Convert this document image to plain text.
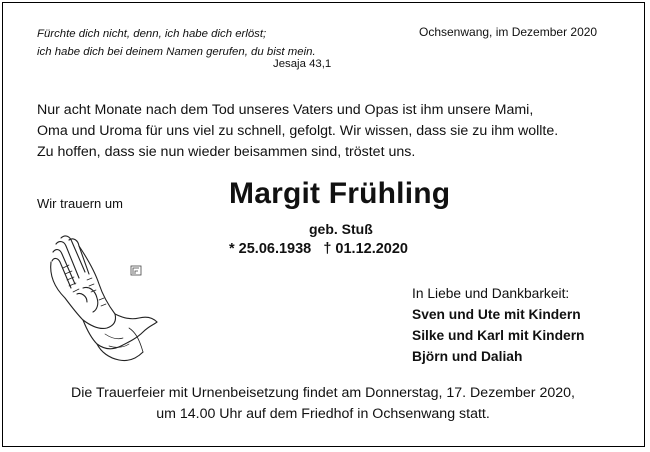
Fürchte dich nicht, denn, ich habe dich erlöst;
ich habe dich bei deinem Namen gerufen, du bist mein.
Jesaja 43,1
Ochsenwang, im Dezember 2020
Nur acht Monate nach dem Tod unseres Vaters und Opas ist ihm unsere Mami,
Oma und Uroma für uns viel zu schnell, gefolgt. Wir wissen, dass sie zu ihm wollte.
Zu hoffen, dass sie nun wieder beisammen sind, tröstet uns.
Wir trauern um	Margit Frühling
geb. Stuß
* 25.06.1938   † 01.12.2020
In Liebe und Dankbarkeit:
Sven und Ute mit Kindern
Silke und Karl mit Kindern
Björn und Daliah
Die Trauerfeier mit Urnenbeisetzung findet am Donnerstag, 17. Dezember 2020,
um 14.00 Uhr auf dem Friedhof in Ochsenwang statt.
